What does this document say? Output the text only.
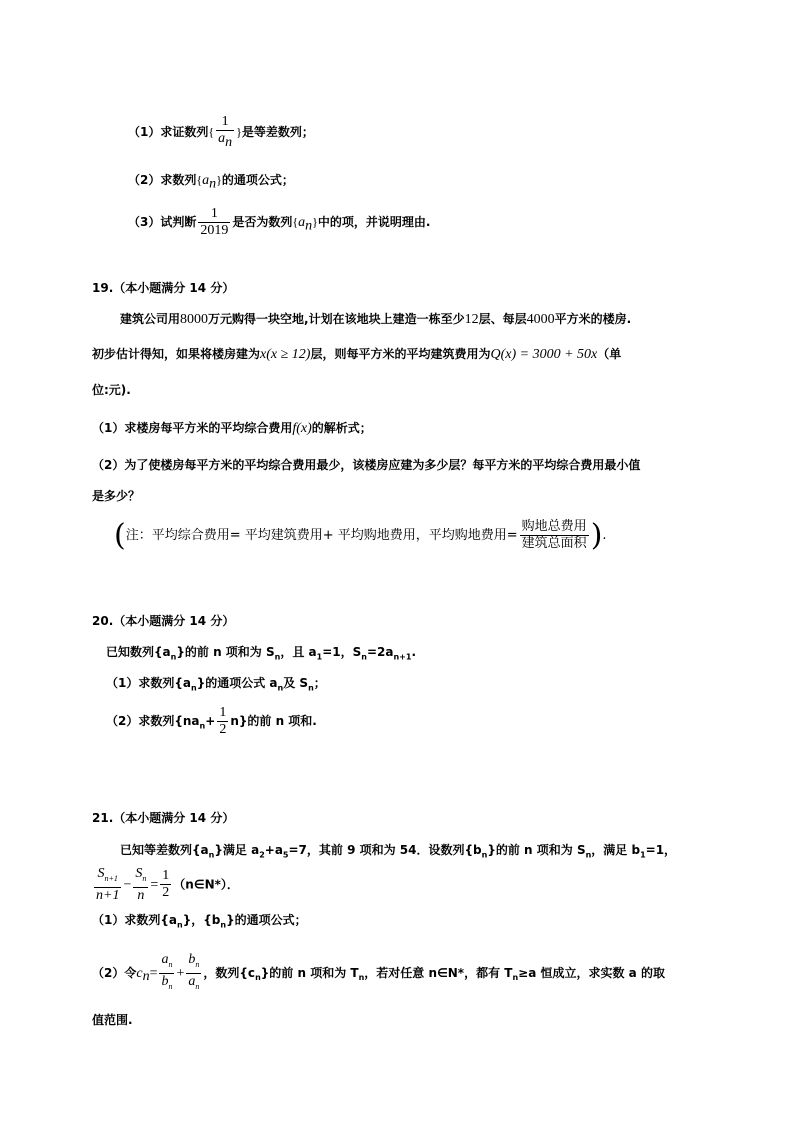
（1）求证数列{ $\frac{1}{a_n}$ }是等差数列；
（2）求数列$\{a_n\}$的通项公式；
（3）试判断 $\frac{1}{2019}$ 是否为数列$\{a_n\}$中的项，并说明理由.
19.（本小题满分 14 分）
建筑公司用8000万元购得一块空地,计划在该地块上建造一栋至少12层、每层4000平方米的楼房.
初步估计得知，如果将楼房建为x(x ≥ 12)层，则每平方米的平均建筑费用为Q(x) = 3000 + 50x（单
位:元).
（1）求楼房每平方米的平均综合费用f(x)的解析式；
（2）为了使楼房每平方米的平均综合费用最少，该楼房应建为多少层？每平方米的平均综合费用最小值
是多少？
(注：平均综合费用= 平均建筑费用+ 平均购地费用，平均购地费用= $\frac{\text{购地总费用}}{\text{建筑总面积}}$ ).
20.（本小题满分 14 分）
已知数列$\{a_n\}$的前 n 项和为 $S_n$，且 $a_1=1$，$S_n=2a_{n+1}$.
（1）求数列$\{a_n\}$的通项公式 $a_n$及 $S_n$；
（2）求数列$\{na_n+ \frac{1}{2} n\}$的前 n 项和.
21.（本小题满分 14 分）
已知等差数列$\{a_n\}$满足 $a_2+a_5=7$，其前 9 项和为 54．设数列$\{b_n\}$的前 n 项和为 $S_n$，满足 $b_1=1$，
$\frac{S_{n+1}}{n+1} - \frac{S_n}{n} = \frac{1}{2}$ （n∈N*）．
（1）求数列$\{a_n\}$，$\{b_n\}$的通项公式；
（2）令$c_n= \frac{a_n}{b_n} + \frac{b_n}{a_n}$ ，数列$\{c_n\}$的前 n 项和为 $T_n$，若对任意 n∈N*，都有 $T_n\ge a$ 恒成立，求实数 a 的取
值范围.
